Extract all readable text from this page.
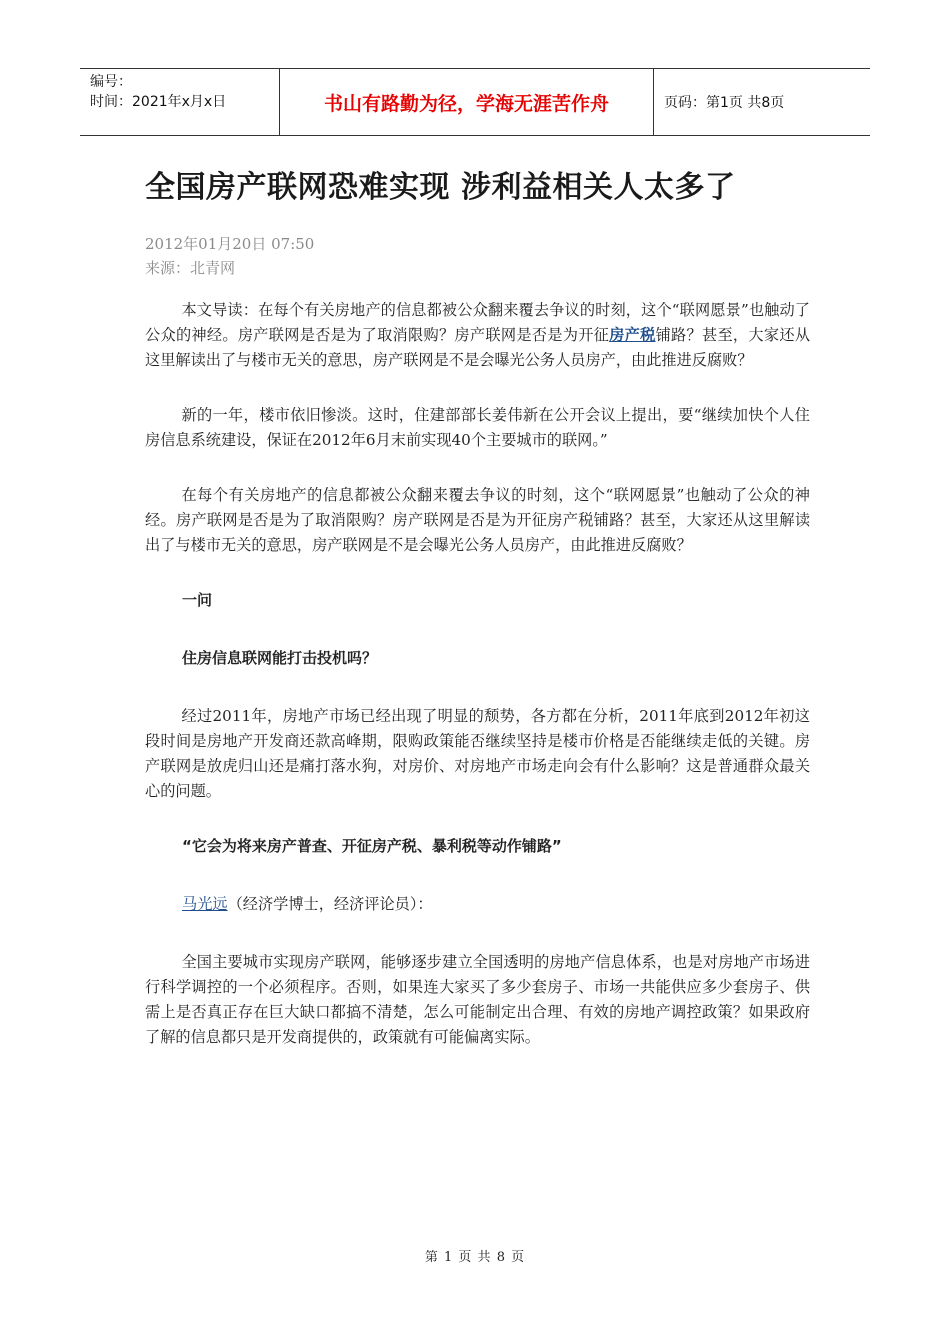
编号：
时间：2021年x月x日	书山有路勤为径，学海无涯苦作舟	页码：第1页 共8页
全国房产联网恐难实现 涉利益相关人太多了
2012年01月20日 07:50
来源：北青网

本文导读：在每个有关房地产的信息都被公众翻来覆去争议的时刻，这个“联网愿景”也触动了公众的神经。房产联网是否是为了取消限购？房产联网是否是为开征房产税铺路？甚至，大家还从这里解读出了与楼市无关的意思，房产联网是不是会曝光公务人员房产，由此推进反腐败？

新的一年，楼市依旧惨淡。这时，住建部部长姜伟新在公开会议上提出，要“继续加快个人住房信息系统建设，保证在2012年6月末前实现40个主要城市的联网。”

在每个有关房地产的信息都被公众翻来覆去争议的时刻，这个“联网愿景”也触动了公众的神经。房产联网是否是为了取消限购？房产联网是否是为开征房产税铺路？甚至，大家还从这里解读出了与楼市无关的意思，房产联网是不是会曝光公务人员房产，由此推进反腐败？

一问

住房信息联网能打击投机吗？

经过2011年，房地产市场已经出现了明显的颓势，各方都在分析，2011年底到2012年初这段时间是房地产开发商还款高峰期，限购政策能否继续坚持是楼市价格是否能继续走低的关键。房产联网是放虎归山还是痛打落水狗，对房价、对房地产市场走向会有什么影响？这是普通群众最关心的问题。

“它会为将来房产普查、开征房产税、暴利税等动作铺路”

马光远（经济学博士，经济评论员）：

全国主要城市实现房产联网，能够逐步建立全国透明的房地产信息体系，也是对房地产市场进行科学调控的一个必须程序。否则，如果连大家买了多少套房子、市场一共能供应多少套房子、供需上是否真正存在巨大缺口都搞不清楚，怎么可能制定出合理、有效的房地产调控政策？如果政府了解的信息都只是开发商提供的，政策就有可能偏离实际。

第 1 页 共 8 页
